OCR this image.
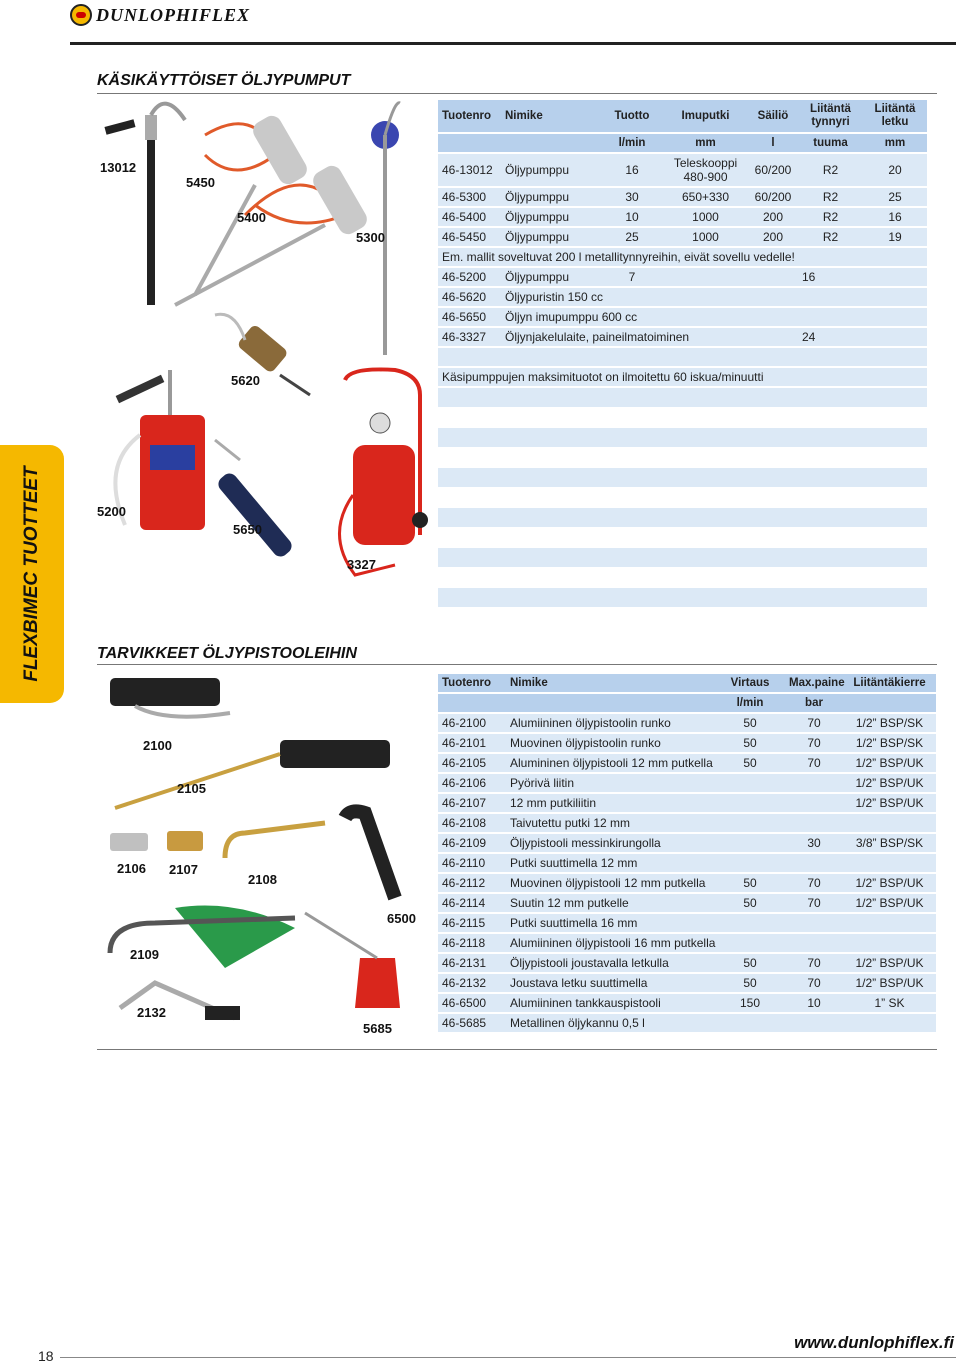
DUNLOPHIFLEX
FLEXBIMEC TUOTTEET
KÄSIKÄYTTÖISET ÖLJYPUMPUT
13012
5450
5400
5300
5620
5200
5650
3327
Tuotenro	Nimike	Tuotto	Imuputki	Säiliö	Liitäntä tynnyri	Liitäntä letku
		l/min	mm	l	tuuma	mm
46-13012	Öljypumppu	16	Teleskooppi 480-900	60/200	R2	20
46-5300	Öljypumppu	30	650+330	60/200	R2	25
46-5400	Öljypumppu	10	1000	200	R2	16
46-5450	Öljypumppu	25	1000	200	R2	19
Em. mallit soveltuvat 200 l metallitynnyreihin, eivät sovellu vedelle!						
46-5200	Öljypumppu	7			16	
46-5620	Öljypuristin 150 cc					
46-5650	Öljyn imupumppu 600 cc					
46-3327	Öljynjakelulaite, paineilmatoiminen				24	

Käsipumppujen maksimituotot on ilmoitettu 60 iskua/minuutti						
TARVIKKEET ÖLJYPISTOOLEIHIN
2100
2105
2106 2107
2108
6500
2109
2132
5685
Tuotenro	Nimike	Virtaus	Max.paine	Liitäntäkierre
		l/min	bar	
46-2100	Alumiininen öljypistoolin runko	50	70	1/2” BSP/SK
46-2101	Muovinen öljypistoolin runko	50	70	1/2” BSP/SK
46-2105	Alumininen öljypistooli 12 mm putkella	50	70	1/2” BSP/UK
46-2106	Pyörivä liitin			1/2” BSP/UK
46-2107	12 mm putkiliitin			1/2” BSP/UK
46-2108	Taivutettu putki 12 mm			
46-2109	Öljypistooli messinkirungolla		30	3/8” BSP/SK
46-2110	Putki suuttimella 12 mm			
46-2112	Muovinen öljypistooli 12 mm putkella	50	70	1/2” BSP/UK
46-2114	Suutin 12 mm putkelle	50	70	1/2” BSP/UK
46-2115	Putki suuttimella 16 mm			
46-2118	Alumiininen öljypistooli 16 mm putkella			
46-2131	Öljypistooli joustavalla letkulla	50	70	1/2” BSP/UK
46-2132	Joustava letku suuttimella	50	70	1/2” BSP/UK
46-6500	Alumiininen tankkauspistooli	150	10	1” SK
46-5685	Metallinen öljykannu 0,5 l			
18
www.dunlophiflex.fi
